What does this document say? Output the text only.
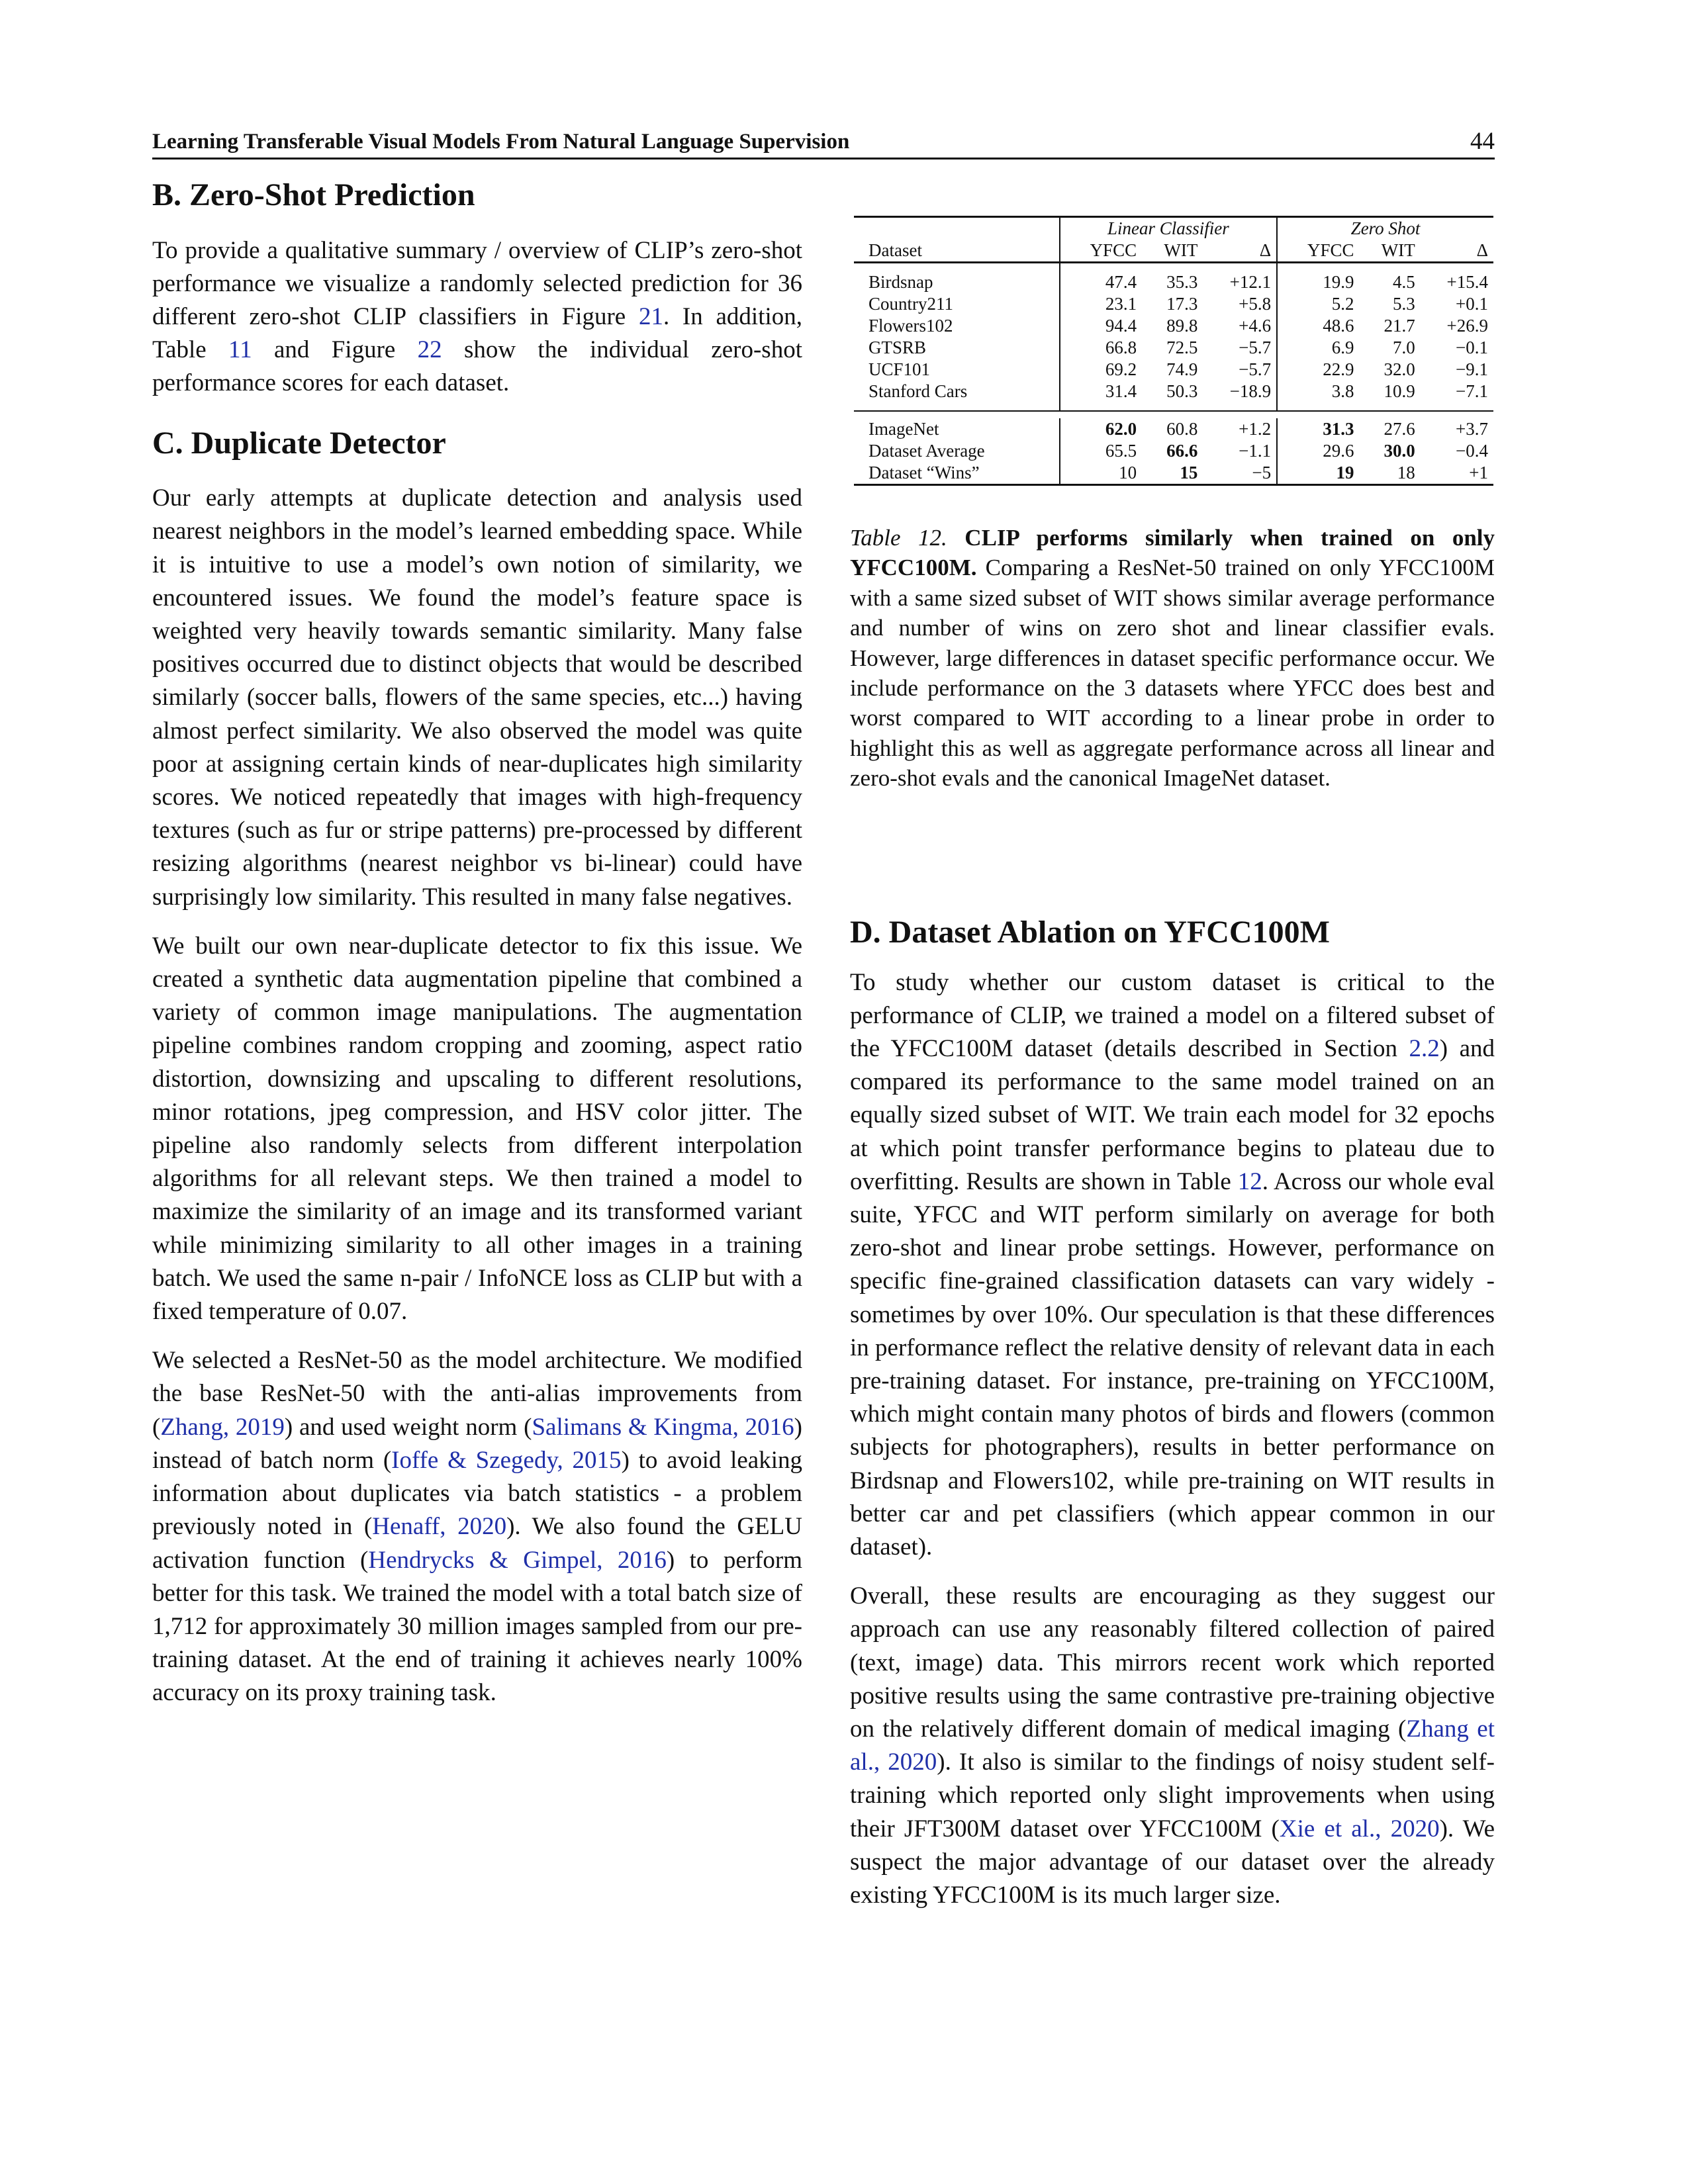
Learning Transferable Visual Models From Natural Language Supervision	44
B. Zero-Shot Prediction

To provide a qualitative summary / overview of CLIP’s zero-shot performance we visualize a randomly selected prediction for 36 different zero-shot CLIP classifiers in Figure 21. In addition, Table 11 and Figure 22 show the individual zero-shot performance scores for each dataset.

C. Duplicate Detector

Our early attempts at duplicate detection and analysis used nearest neighbors in the model’s learned embedding space. While it is intuitive to use a model’s own notion of similarity, we encountered issues. We found the model’s feature space is weighted very heavily towards semantic similarity. Many false positives occurred due to distinct objects that would be described similarly (soccer balls, flowers of the same species, etc...) having almost perfect similarity. We also observed the model was quite poor at assigning certain kinds of near-duplicates high similarity scores. We noticed repeatedly that images with high-frequency textures (such as fur or stripe patterns) pre-processed by different resizing algorithms (nearest neighbor vs bi-linear) could have surprisingly low similarity. This resulted in many false negatives.

We built our own near-duplicate detector to fix this issue. We created a synthetic data augmentation pipeline that combined a variety of common image manipulations. The augmentation pipeline combines random cropping and zooming, aspect ratio distortion, downsizing and upscaling to different resolutions, minor rotations, jpeg compression, and HSV color jitter. The pipeline also randomly selects from different interpolation algorithms for all relevant steps. We then trained a model to maximize the similarity of an image and its transformed variant while minimizing similarity to all other images in a training batch. We used the same n-pair / InfoNCE loss as CLIP but with a fixed temperature of 0.07.

We selected a ResNet-50 as the model architecture. We modified the base ResNet-50 with the anti-alias improvements from (Zhang, 2019) and used weight norm (Salimans & Kingma, 2016) instead of batch norm (Ioffe & Szegedy, 2015) to avoid leaking information about duplicates via batch statistics - a problem previously noted in (Henaff, 2020). We also found the GELU activation function (Hendrycks & Gimpel, 2016) to perform better for this task. We trained the model with a total batch size of 1,712 for approximately 30 million images sampled from our pre-training dataset. At the end of training it achieves nearly 100% accuracy on its proxy training task.

	Linear Classifier			Zero Shot		
Dataset	YFCC	WIT	Δ	YFCC	WIT	Δ

Birdsnap	47.4	35.3	+12.1	19.9	4.5	+15.4
Country211	23.1	17.3	+5.8	5.2	5.3	+0.1
Flowers102	94.4	89.8	+4.6	48.6	21.7	+26.9
GTSRB	66.8	72.5	−5.7	6.9	7.0	−0.1
UCF101	69.2	74.9	−5.7	22.9	32.0	−9.1
Stanford Cars	31.4	50.3	−18.9	3.8	10.9	−7.1

ImageNet	62.0	60.8	+1.2	31.3	27.6	+3.7
Dataset Average	65.5	66.6	−1.1	29.6	30.0	−0.4
Dataset “Wins”	10	15	−5	19	18	+1
Table 12. CLIP performs similarly when trained on only YFCC100M. Comparing a ResNet-50 trained on only YFCC100M with a same sized subset of WIT shows similar average performance and number of wins on zero shot and linear classifier evals. However, large differences in dataset specific performance occur. We include performance on the 3 datasets where YFCC does best and worst compared to WIT according to a linear probe in order to highlight this as well as aggregate performance across all linear and zero-shot evals and the canonical ImageNet dataset.
D. Dataset Ablation on YFCC100M

To study whether our custom dataset is critical to the performance of CLIP, we trained a model on a filtered subset of the YFCC100M dataset (details described in Section 2.2) and compared its performance to the same model trained on an equally sized subset of WIT. We train each model for 32 epochs at which point transfer performance begins to plateau due to overfitting. Results are shown in Table 12. Across our whole eval suite, YFCC and WIT perform similarly on average for both zero-shot and linear probe settings. However, performance on specific fine-grained classification datasets can vary widely - sometimes by over 10%. Our speculation is that these differences in performance reflect the relative density of relevant data in each pre-training dataset. For instance, pre-training on YFCC100M, which might contain many photos of birds and flowers (common subjects for photographers), results in better performance on Birdsnap and Flowers102, while pre-training on WIT results in better car and pet classifiers (which appear common in our dataset).

Overall, these results are encouraging as they suggest our approach can use any reasonably filtered collection of paired (text, image) data. This mirrors recent work which reported positive results using the same contrastive pre-training objective on the relatively different domain of medical imaging (Zhang et al., 2020). It also is similar to the findings of noisy student self-training which reported only slight improvements when using their JFT300M dataset over YFCC100M (Xie et al., 2020). We suspect the major advantage of our dataset over the already existing YFCC100M is its much larger size.
